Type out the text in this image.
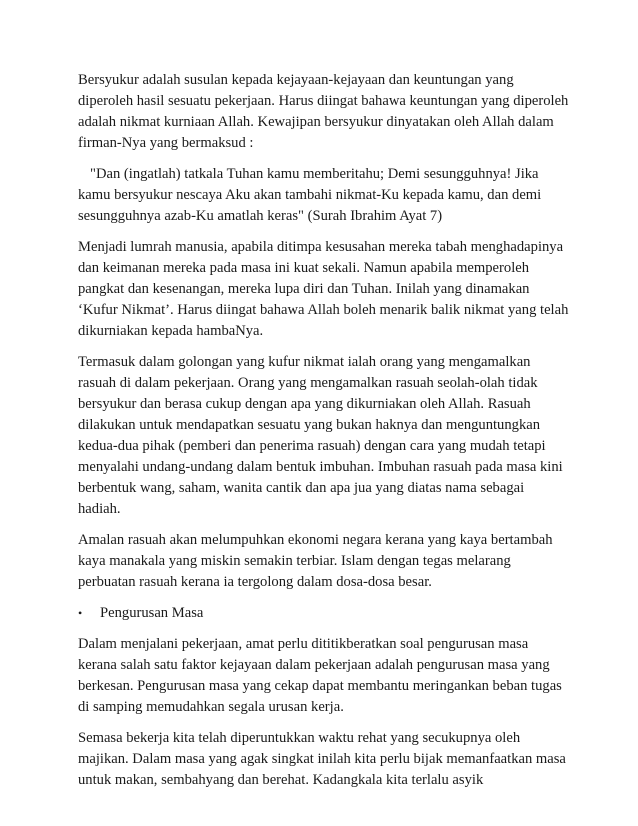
Bersyukur adalah susulan kepada kejayaan-kejayaan dan keuntungan yang diperoleh hasil sesuatu pekerjaan. Harus diingat bahawa keuntungan yang diperoleh adalah nikmat kurniaan Allah. Kewajipan bersyukur dinyatakan oleh Allah dalam firman-Nya yang bermaksud :

"Dan (ingatlah) tatkala Tuhan kamu memberitahu; Demi sesungguhnya! Jika kamu bersyukur nescaya Aku akan tambahi nikmat-Ku kepada kamu, dan demi sesungguhnya azab-Ku amatlah keras" (Surah Ibrahim Ayat 7)

Menjadi lumrah manusia, apabila ditimpa kesusahan mereka tabah menghadapinya dan keimanan mereka pada masa ini kuat sekali. Namun apabila memperoleh pangkat dan kesenangan, mereka lupa diri dan Tuhan. Inilah yang dinamakan ‘Kufur Nikmat’. Harus diingat bahawa Allah boleh menarik balik nikmat yang telah dikurniakan kepada hambaNya.

Termasuk dalam golongan yang kufur nikmat ialah orang yang mengamalkan rasuah di dalam pekerjaan. Orang yang mengamalkan rasuah seolah-olah tidak bersyukur dan berasa cukup dengan apa yang dikurniakan oleh Allah. Rasuah dilakukan untuk mendapatkan sesuatu yang bukan haknya dan menguntungkan kedua-dua pihak (pemberi dan penerima rasuah) dengan cara yang mudah tetapi menyalahi undang-undang dalam bentuk imbuhan. Imbuhan rasuah pada masa kini berbentuk wang, saham, wanita cantik dan apa jua yang diatas nama sebagai hadiah.

Amalan rasuah akan melumpuhkan ekonomi negara kerana yang kaya bertambah kaya manakala yang miskin semakin terbiar. Islam dengan tegas melarang perbuatan rasuah kerana ia tergolong dalam dosa-dosa besar.

•	Pengurusan Masa

Dalam menjalani pekerjaan, amat perlu dititikberatkan soal pengurusan masa kerana salah satu faktor kejayaan dalam pekerjaan adalah pengurusan masa yang berkesan. Pengurusan masa yang cekap dapat membantu meringankan beban tugas di samping memudahkan segala urusan kerja.

Semasa bekerja kita telah diperuntukkan waktu rehat yang secukupnya oleh majikan. Dalam masa yang agak singkat inilah kita perlu bijak memanfaatkan masa untuk makan, sembahyang dan berehat. Kadangkala kita terlalu asyik
